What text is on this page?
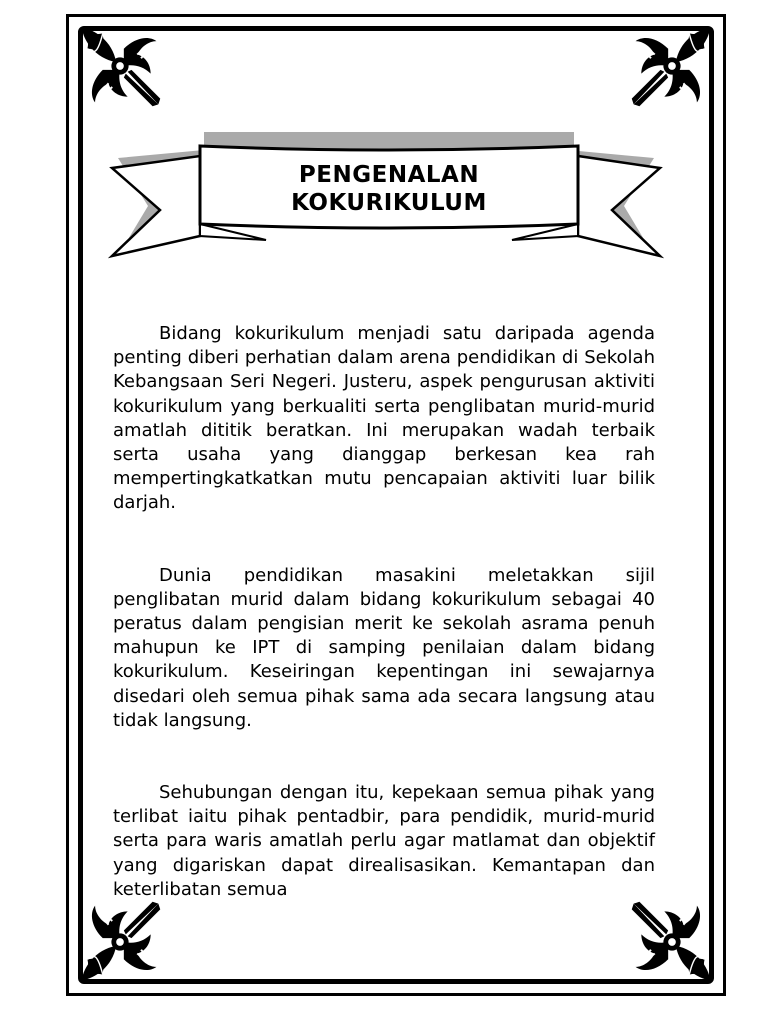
PENGENALAN
KOKURIKULUM

Bidang kokurikulum menjadi satu daripada agenda penting diberi perhatian dalam arena pendidikan di Sekolah Kebangsaan Seri Negeri. Justeru, aspek pengurusan aktiviti kokurikulum yang berkualiti serta penglibatan murid-murid amatlah dititik beratkan. Ini merupakan wadah terbaik serta usaha yang dianggap berkesan kea rah mempertingkatkatkan mutu pencapaian aktiviti luar bilik darjah.

Dunia pendidikan masakini meletakkan sijil penglibatan murid dalam bidang kokurikulum sebagai 40 peratus dalam pengisian merit ke sekolah asrama penuh mahupun ke IPT di samping penilaian dalam bidang kokurikulum. Keseiringan kepentingan ini sewajarnya disedari oleh semua pihak sama ada secara langsung atau tidak langsung.

Sehubungan dengan itu, kepekaan semua pihak yang terlibat iaitu pihak pentadbir, para pendidik, murid-murid serta para waris amatlah perlu agar matlamat dan objektif yang digariskan dapat direalisasikan. Kemantapan dan keterlibatan semua
